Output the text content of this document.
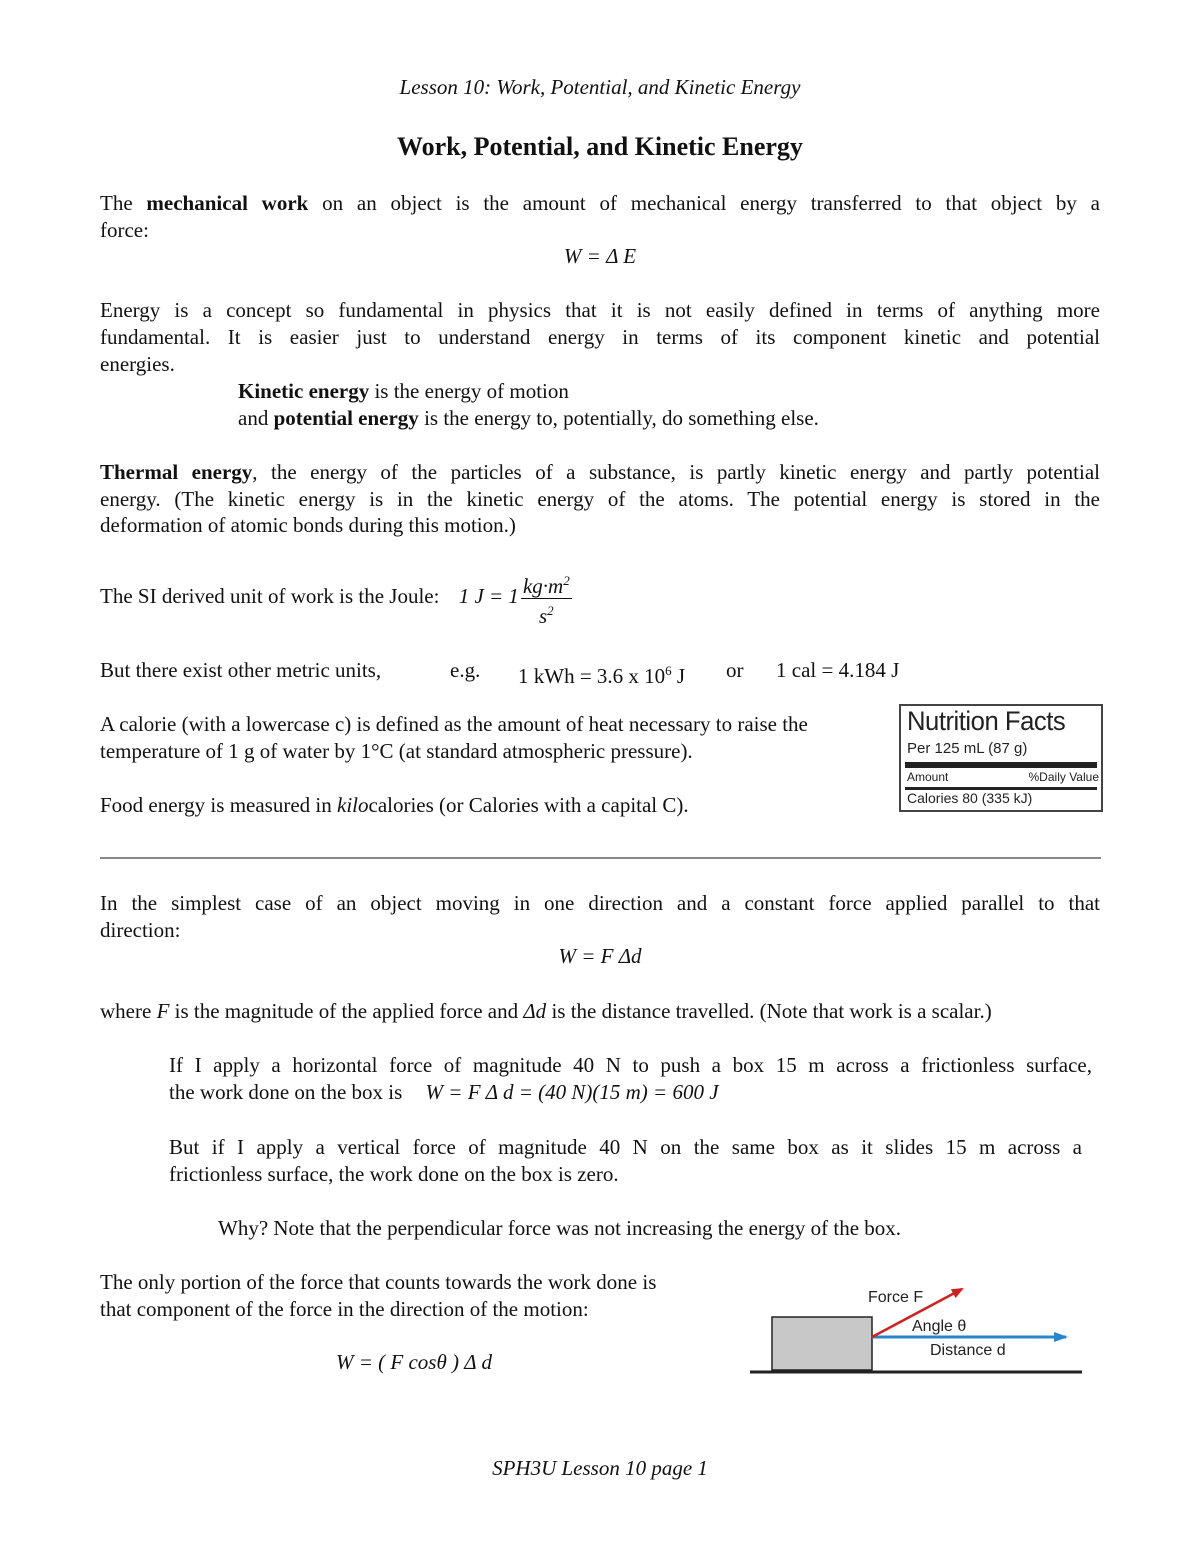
Lesson 10: Work, Potential, and Kinetic Energy
Work, Potential, and Kinetic Energy
The mechanical work on an object is the amount of mechanical energy transferred to that object by a
force:
W = Δ E
Energy is a concept so fundamental in physics that it is not easily defined in terms of anything more
fundamental. It is easier just to understand energy in terms of its component kinetic and potential
energies.
Kinetic energy is the energy of motion
and potential energy is the energy to, potentially, do something else.
Thermal energy, the energy of the particles of a substance, is partly kinetic energy and partly potential
energy. (The kinetic energy is in the kinetic energy of the atoms. The potential energy is stored in the
deformation of atomic bonds during this motion.)
The SI derived unit of work is the Joule: 1 $J = 1 \frac{kg\cdot m^2}{s^2}$
But there exist other metric units,	e.g. 1 kWh = 3.6 x $10^6$ J or 1 cal = 4.184 J
A calorie (with a lowercase c) is defined as the amount of heat necessary to raise the
temperature of 1 g of water by 1°C (at standard atmospheric pressure).
Food energy is measured in kilocalories (or Calories with a capital C).
Nutrition Facts
Per 125 mL (87 g)
Amount	%Daily Value
Calories 80 (335 kJ)
In the simplest case of an object moving in one direction and a constant force applied parallel to that
direction:
W = F Δd
where F is the magnitude of the applied force and Δd is the distance travelled. (Note that work is a scalar.)
If I apply a horizontal force of magnitude 40 N to push a box 15 m across a frictionless surface,
the work done on the box is W = F Δ d = (40 N)(15 m) = 600 J
But if I apply a vertical force of magnitude 40 N on the same box as it slides 15 m across a
frictionless surface, the work done on the box is zero.
Why? Note that the perpendicular force was not increasing the energy of the box.
The only portion of the force that counts towards the work done is
that component of the force in the direction of the motion:
W = ( F cosθ ) Δ d
Force F
Angle θ
Distance d
SPH3U Lesson 10 page 1
